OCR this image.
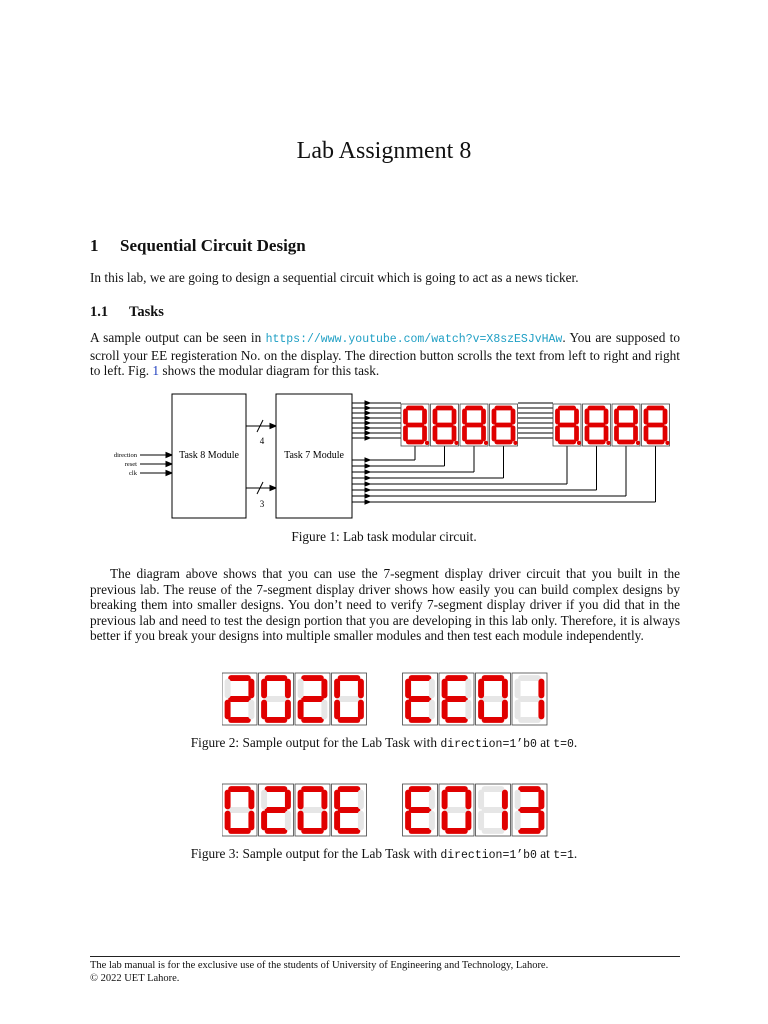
Lab Assignment 8
1 Sequential Circuit Design
In this lab, we are going to design a sequential circuit which is going to act as a news ticker.
1.1 Tasks
A sample output can be seen in https://www.youtube.com/watch?v=X8szESJvHAw. You are supposed to scroll your EE registeration No. on the display. The direction button scrolls the text from left to right and right to left. Fig. 1 shows the modular diagram for this task.
direction
reset
clk
Task 8 Module
4
3
Task 7 Module
Figure 1: Lab task modular circuit.
The diagram above shows that you can use the 7-segment display driver circuit that you built in the previous lab. The reuse of the 7-segment display driver shows how easily you can build complex designs by breaking them into smaller designs. You don’t need to verify 7-segment display driver if you did that in the previous lab and need to test the design portion that you are developing in this lab only. Therefore, it is always better if you break your designs into multiple smaller modules and then test each module independently.
Figure 2: Sample output for the Lab Task with direction=1’b0 at t=0.
Figure 3: Sample output for the Lab Task with direction=1’b0 at t=1.
The lab manual is for the exclusive use of the students of University of Engineering and Technology, Lahore.
© 2022 UET Lahore.
